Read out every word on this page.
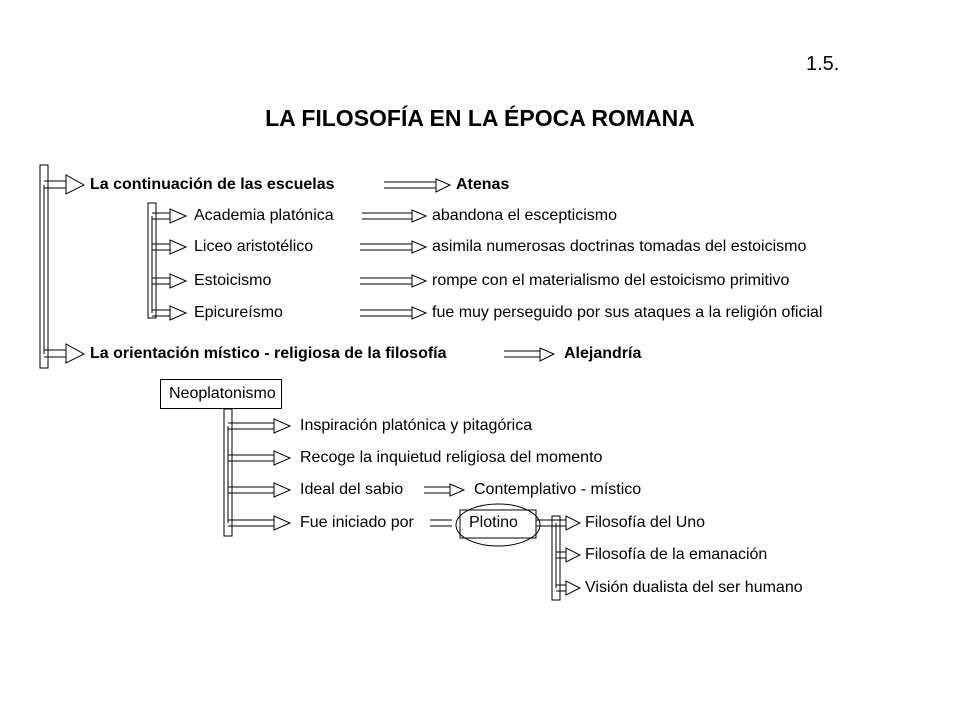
1.5.
LA FILOSOFÍA EN LA ÉPOCA ROMANA
La continuación de las escuelas	Atenas
Academia platónica	abandona el escepticismo
Liceo aristotélico	asimila numerosas doctrinas tomadas del estoicismo
Estoicismo	rompe con el materialismo del estoicismo primitivo
Epicureísmo	fue muy perseguido por sus ataques a la religión oficial
La orientación místico - religiosa de la filosofía	Alejandría
Neoplatonismo
Inspiración platónica y pitagórica
Recoge la inquietud religiosa del momento
Ideal del sabio	Contemplativo - místico
Fue iniciado por	Plotino	Filosofía del Uno
Filosofía de la emanación
Visión dualista del ser humano
